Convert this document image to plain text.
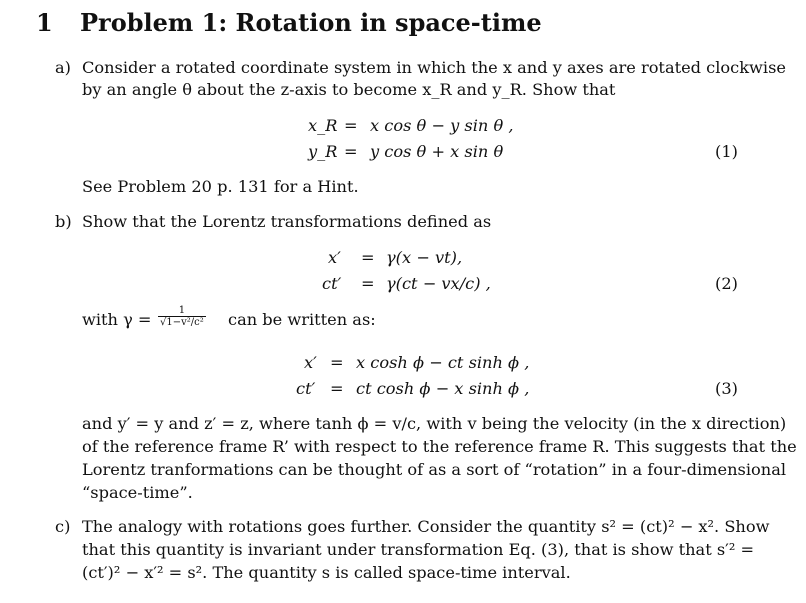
1 Problem 1: Rotation in space-time
a) Consider a rotated coordinate system in which the x and y axes are rotated clockwise
by an angle θ about the z-axis to become x_R and y_R. Show that
x_R = x cos θ − y sin θ ,
y_R = y cos θ + x sin θ	(1)
See Problem 20 p. 131 for a Hint.
b) Show that the Lorentz transformations defined as
x′ = γ(x − vt),
ct′ = γ(ct − vx/c) ,	(2)
with $\gamma = \frac{1}{\text{√1−v²/c²}}$ can be written as:
x′ = x cosh ϕ − ct sinh ϕ ,
ct′ = ct cosh ϕ − x sinh ϕ ,	(3)
and y′ = y and z′ = z, where tanh ϕ = v/c, with v being the velocity (in the x direction)
of the reference frame R’ with respect to the reference frame R. This suggests that the
Lorentz tranformations can be thought of as a sort of “rotation” in a four-dimensional
“space-time”.
c) The analogy with rotations goes further. Consider the quantity s² = (ct)² − x². Show
that this quantity is invariant under transformation Eq. (3), that is show that s′² =
(ct′)² − x′² = s². The quantity s is called space-time interval.
